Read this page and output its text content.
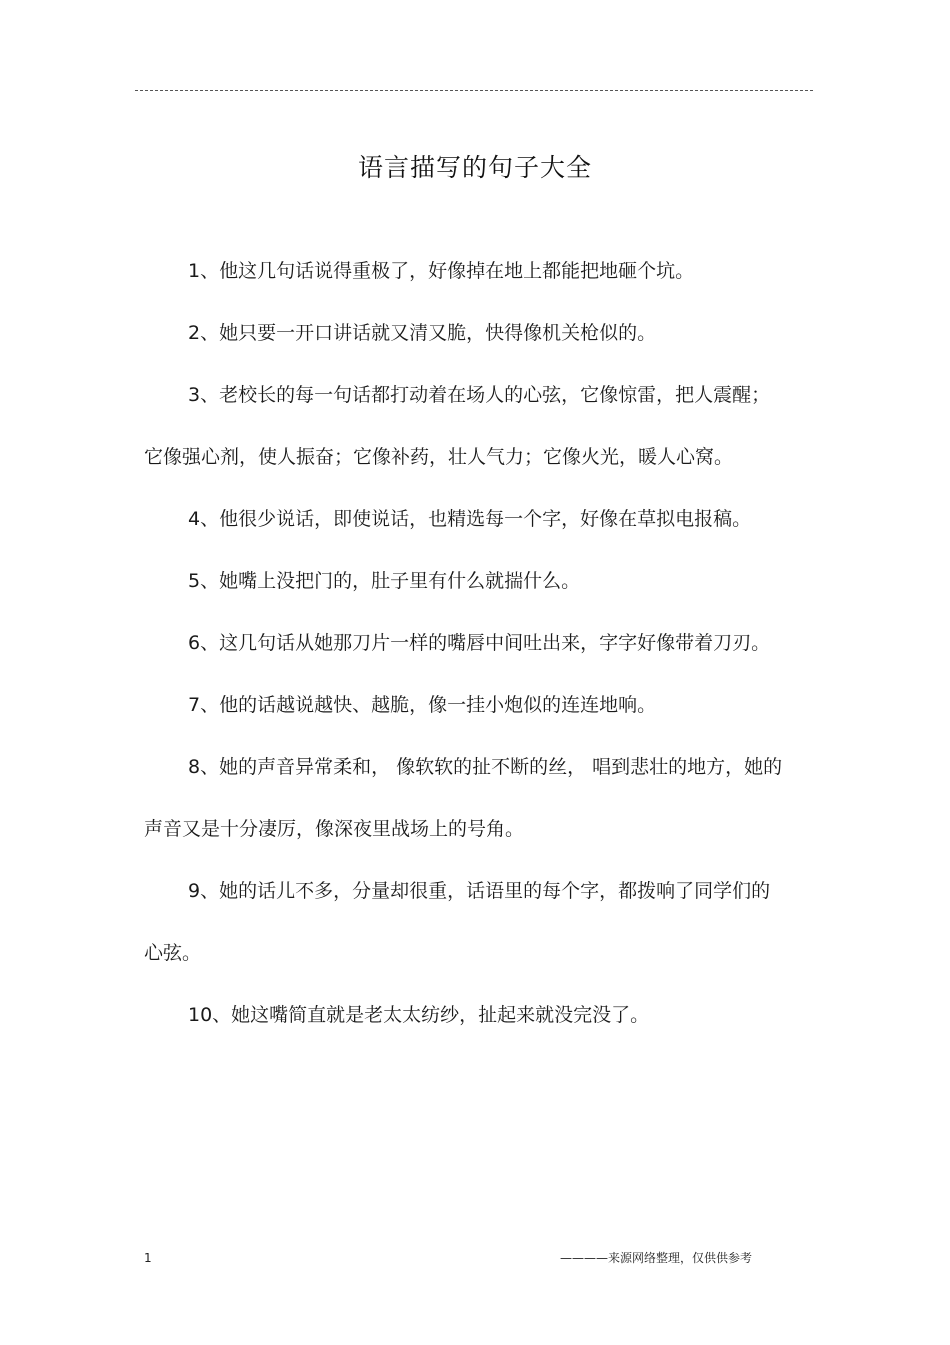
语言描写的句子大全

1、他这几句话说得重极了，好像掉在地上都能把地砸个坑。

2、她只要一开口讲话就又清又脆，快得像机关枪似的。

3、老校长的每一句话都打动着在场人的心弦，它像惊雷，把人震醒；它像强心剂，使人振奋；它像补药，壮人气力；它像火光，暖人心窝。

4、他很少说话，即使说话，也精选每一个字，好像在草拟电报稿。

5、她嘴上没把门的，肚子里有什么就揣什么。

6、这几句话从她那刀片一样的嘴唇中间吐出来，字字好像带着刀刃。

7、他的话越说越快、越脆，像一挂小炮似的连连地响。

8、她的声音异常柔和， 像软软的扯不断的丝， 唱到悲壮的地方，她的声音又是十分凄厉，像深夜里战场上的号角。

9、她的话儿不多，分量却很重，话语里的每个字，都拨响了同学们的心弦。

10、她这嘴简直就是老太太纺纱，扯起来就没完没了。

1	————来源网络整理，仅供供参考
